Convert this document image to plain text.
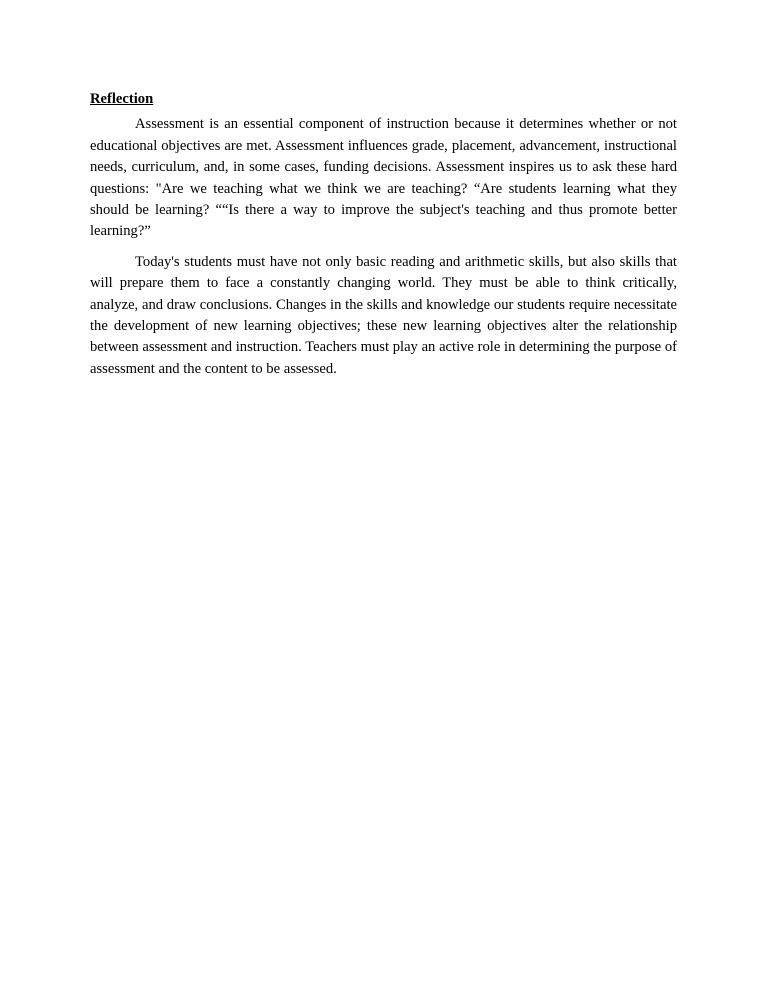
Reflection

Assessment is an essential component of instruction because it determines whether or not educational objectives are met. Assessment influences grade, placement, advancement, instructional needs, curriculum, and, in some cases, funding decisions. Assessment inspires us to ask these hard questions: "Are we teaching what we think we are teaching? “Are students learning what they should be learning? ““Is there a way to improve the subject's teaching and thus promote better learning?”

Today's students must have not only basic reading and arithmetic skills, but also skills that will prepare them to face a constantly changing world. They must be able to think critically, analyze, and draw conclusions. Changes in the skills and knowledge our students require necessitate the development of new learning objectives; these new learning objectives alter the relationship between assessment and instruction. Teachers must play an active role in determining the purpose of assessment and the content to be assessed.
